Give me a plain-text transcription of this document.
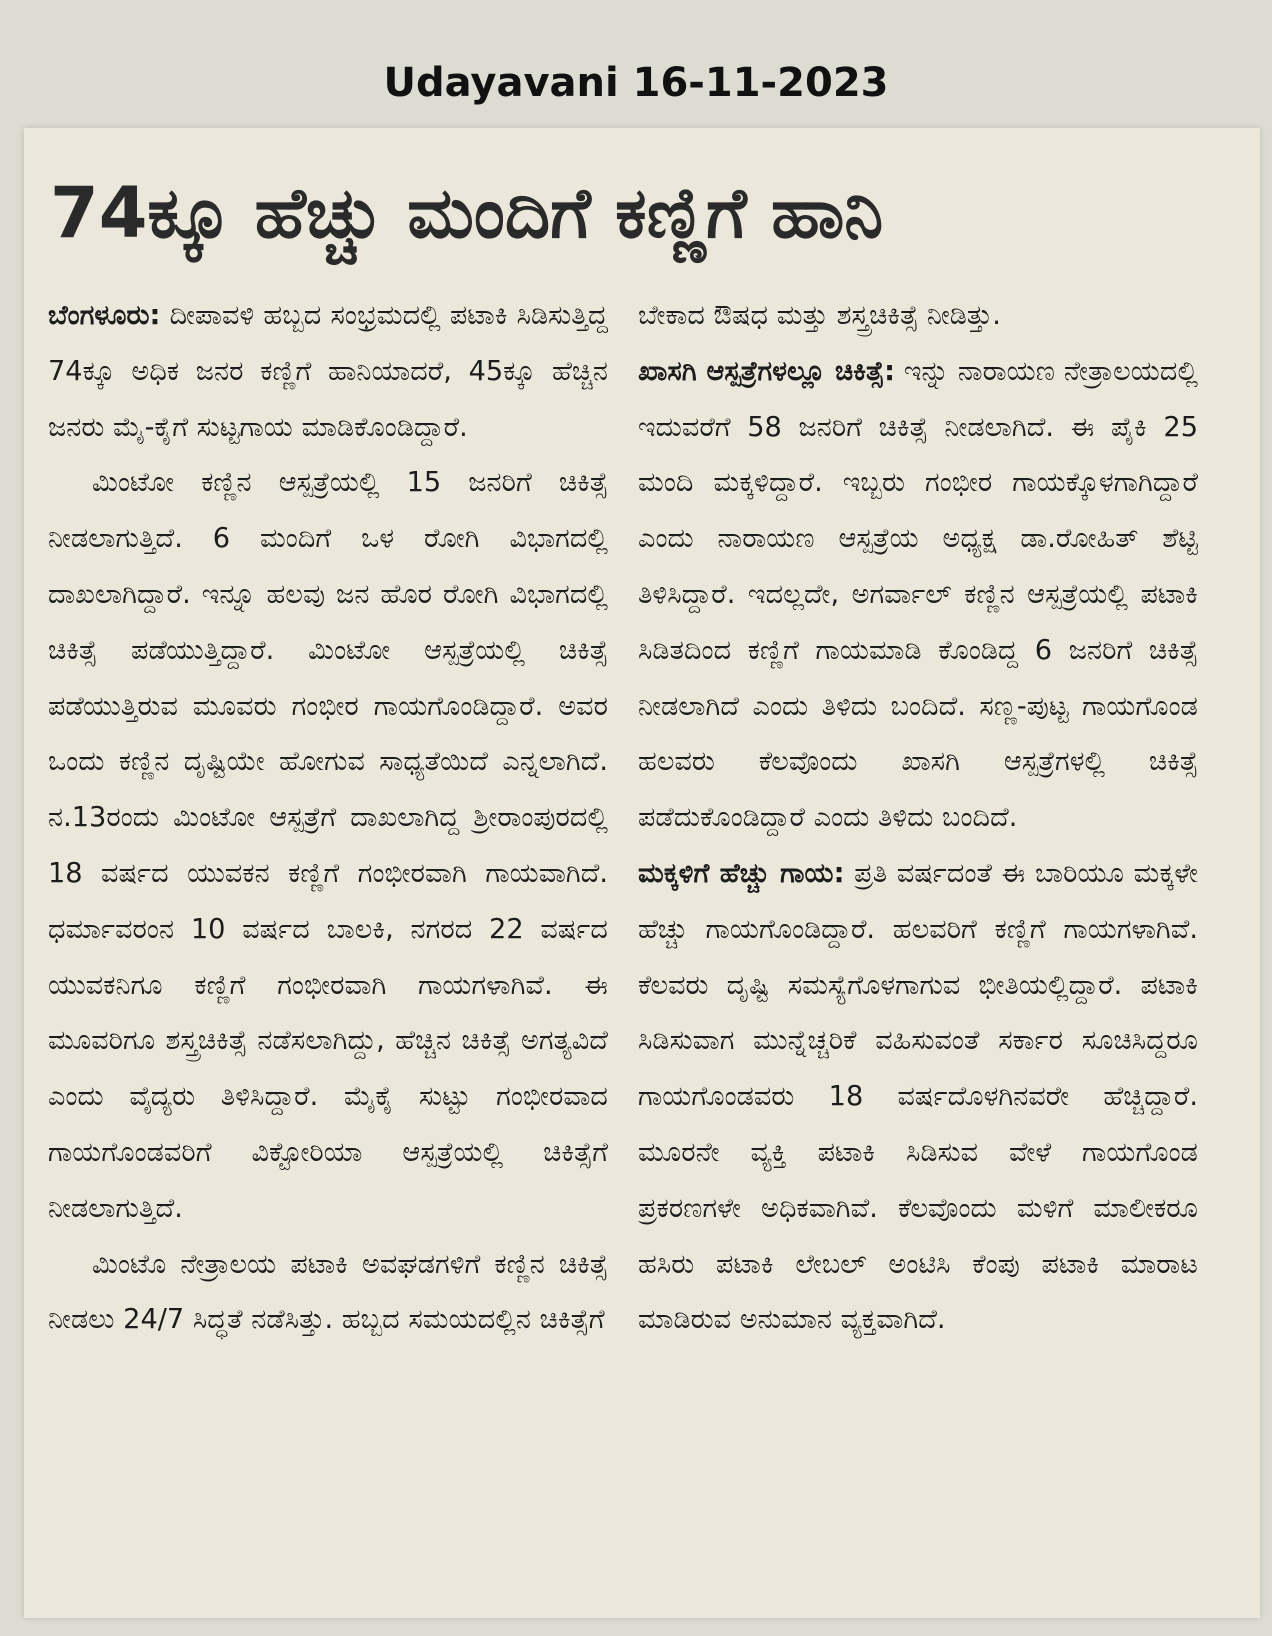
Udayavani 16-11-2023
74ಕ್ಕೂ ಹೆಚ್ಚು ಮಂದಿಗೆ ಕಣ್ಣಿಗೆ ಹಾನಿ

ಬೆಂಗಳೂರು: ದೀಪಾವಳಿ ಹಬ್ಬದ ಸಂಭ್ರಮದಲ್ಲಿ ಪಟಾಕಿ ಸಿಡಿಸುತ್ತಿದ್ದ 74ಕ್ಕೂ ಅಧಿಕ ಜನರ ಕಣ್ಣಿಗೆ ಹಾನಿಯಾದರೆ, 45ಕ್ಕೂ ಹೆಚ್ಚಿನ ಜನರು ಮೈ-ಕೈಗೆ ಸುಟ್ಟಗಾಯ ಮಾಡಿಕೊಂಡಿದ್ದಾರೆ.

ಮಿಂಟೋ ಕಣ್ಣಿನ ಆಸ್ಪತ್ರೆಯಲ್ಲಿ 15 ಜನರಿಗೆ ಚಿಕಿತ್ಸೆ ನೀಡಲಾಗುತ್ತಿದೆ. 6 ಮಂದಿಗೆ ಒಳ ರೋಗಿ ವಿಭಾಗದಲ್ಲಿ ದಾಖಲಾಗಿದ್ದಾರೆ. ಇನ್ನೂ ಹಲವು ಜನ ಹೊರ ರೋಗಿ ವಿಭಾಗದಲ್ಲಿ ಚಿಕಿತ್ಸೆ ಪಡೆಯುತ್ತಿದ್ದಾರೆ. ಮಿಂಟೋ ಆಸ್ಪತ್ರೆಯಲ್ಲಿ ಚಿಕಿತ್ಸೆ ಪಡೆಯುತ್ತಿರುವ ಮೂವರು ಗಂಭೀರ ಗಾಯಗೊಂಡಿದ್ದಾರೆ. ಅವರ ಒಂದು ಕಣ್ಣಿನ ದೃಷ್ಟಿಯೇ ಹೋಗುವ ಸಾಧ್ಯತೆಯಿದೆ ಎನ್ನಲಾಗಿದೆ. ನ.13ರಂದು ಮಿಂಟೋ ಆಸ್ಪತ್ರೆಗೆ ದಾಖಲಾಗಿದ್ದ ಶ್ರೀರಾಂಪುರದಲ್ಲಿ 18 ವರ್ಷದ ಯುವಕನ ಕಣ್ಣಿಗೆ ಗಂಭೀರವಾಗಿ ಗಾಯವಾಗಿದೆ. ಧರ್ಮಾವರಂನ 10 ವರ್ಷದ ಬಾಲಕಿ, ನಗರದ 22 ವರ್ಷದ ಯುವಕನಿಗೂ ಕಣ್ಣಿಗೆ ಗಂಭೀರವಾಗಿ ಗಾಯಗಳಾಗಿವೆ. ಈ ಮೂವರಿಗೂ ಶಸ್ತ್ರಚಿಕಿತ್ಸೆ ನಡೆಸಲಾಗಿದ್ದು, ಹೆಚ್ಚಿನ ಚಿಕಿತ್ಸೆ ಅಗತ್ಯವಿದೆ ಎಂದು ವೈದ್ಯರು ತಿಳಿಸಿದ್ದಾರೆ. ಮೈಕೈ ಸುಟ್ಟು ಗಂಭೀರವಾದ ಗಾಯಗೊಂಡವರಿಗೆ ವಿಕ್ಟೋರಿಯಾ ಆಸ್ಪತ್ರೆಯಲ್ಲಿ ಚಿಕಿತ್ಸೆಗೆ ನೀಡಲಾಗುತ್ತಿದೆ.

ಮಿಂಟೊ ನೇತ್ರಾಲಯ ಪಟಾಕಿ ಅವಘಡಗಳಿಗೆ ಕಣ್ಣಿನ ಚಿಕಿತ್ಸೆ ನೀಡಲು 24/7 ಸಿದ್ಧತೆ ನಡೆಸಿತ್ತು. ಹಬ್ಬದ ಸಮಯದಲ್ಲಿನ ಚಿಕಿತ್ಸೆಗೆ

ಬೇಕಾದ ಔಷಧ ಮತ್ತು ಶಸ್ತ್ರಚಿಕಿತ್ಸೆ ನೀಡಿತ್ತು.

ಖಾಸಗಿ ಆಸ್ಪತ್ರೆಗಳಲ್ಲೂ ಚಿಕಿತ್ಸೆ: ಇನ್ನು ನಾರಾಯಣ ನೇತ್ರಾಲಯದಲ್ಲಿ ಇದುವರೆಗೆ 58 ಜನರಿಗೆ ಚಿಕಿತ್ಸೆ ನೀಡಲಾಗಿದೆ. ಈ ಪೈಕಿ 25 ಮಂದಿ ಮಕ್ಕಳಿದ್ದಾರೆ. ಇಬ್ಬರು ಗಂಭೀರ ಗಾಯಕ್ಕೊಳಗಾಗಿದ್ದಾರೆ ಎಂದು ನಾರಾಯಣ ಆಸ್ಪತ್ರೆಯ ಅಧ್ಯಕ್ಷ ಡಾ.ರೋಹಿತ್ ಶೆಟ್ಟಿ ತಿಳಿಸಿದ್ದಾರೆ. ಇದಲ್ಲದೇ, ಅಗರ್ವಾಲ್ ಕಣ್ಣಿನ ಆಸ್ಪತ್ರೆಯಲ್ಲಿ ಪಟಾಕಿ ಸಿಡಿತದಿಂದ ಕಣ್ಣಿಗೆ ಗಾಯಮಾಡಿ ಕೊಂಡಿದ್ದ 6 ಜನರಿಗೆ ಚಿಕಿತ್ಸೆ ನೀಡಲಾಗಿದೆ ಎಂದು ತಿಳಿದು ಬಂದಿದೆ. ಸಣ್ಣ-ಪುಟ್ಟ ಗಾಯಗೊಂಡ ಹಲವರು ಕೆಲವೊಂದು ಖಾಸಗಿ ಆಸ್ಪತ್ರೆಗಳಲ್ಲಿ ಚಿಕಿತ್ಸೆ ಪಡೆದುಕೊಂಡಿದ್ದಾರೆ ಎಂದು ತಿಳಿದು ಬಂದಿದೆ.

ಮಕ್ಕಳಿಗೆ ಹೆಚ್ಚು ಗಾಯ: ಪ್ರತಿ ವರ್ಷದಂತೆ ಈ ಬಾರಿಯೂ ಮಕ್ಕಳೇ ಹೆಚ್ಚು ಗಾಯಗೊಂಡಿದ್ದಾರೆ. ಹಲವರಿಗೆ ಕಣ್ಣಿಗೆ ಗಾಯಗಳಾಗಿವೆ. ಕೆಲವರು ದೃಷ್ಟಿ ಸಮಸ್ಯೆಗೊಳಗಾಗುವ ಭೀತಿಯಲ್ಲಿದ್ದಾರೆ. ಪಟಾಕಿ ಸಿಡಿಸುವಾಗ ಮುನ್ನೆಚ್ಚರಿಕೆ ವಹಿಸುವಂತೆ ಸರ್ಕಾರ ಸೂಚಿಸಿದ್ದರೂ ಗಾಯಗೊಂಡವರು 18 ವರ್ಷದೊಳಗಿನವರೇ ಹೆಚ್ಚಿದ್ದಾರೆ. ಮೂರನೇ ವ್ಯಕ್ತಿ ಪಟಾಕಿ ಸಿಡಿಸುವ ವೇಳೆ ಗಾಯಗೊಂಡ ಪ್ರಕರಣಗಳೇ ಅಧಿಕವಾಗಿವೆ. ಕೆಲವೊಂದು ಮಳಿಗೆ ಮಾಲೀಕರೂ ಹಸಿರು ಪಟಾಕಿ ಲೇಬಲ್ ಅಂಟಿಸಿ ಕೆಂಪು ಪಟಾಕಿ ಮಾರಾಟ ಮಾಡಿರುವ ಅನುಮಾನ ವ್ಯಕ್ತವಾಗಿದೆ.
